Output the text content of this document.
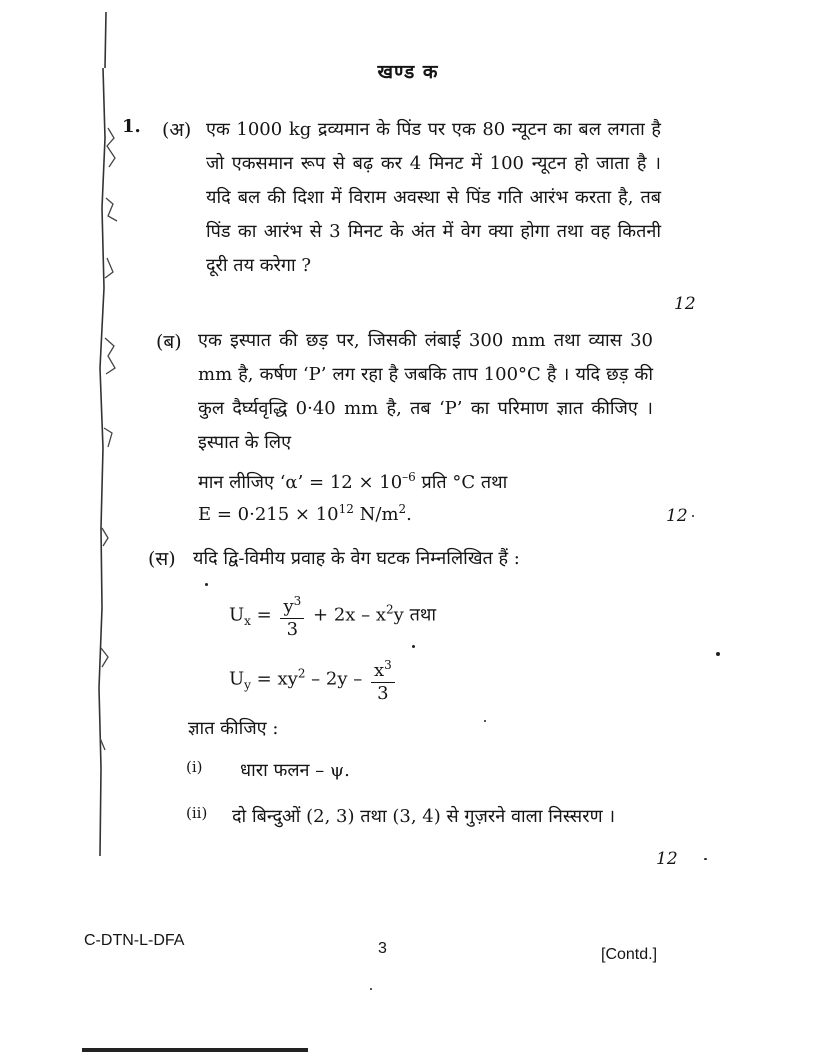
खण्ड क
1. (अ) एक 1000 kg द्रव्यमान के पिंड पर एक 80 न्यूटन का बल लगता है जो एकसमान रूप से बढ़ कर 4 मिनट में 100 न्यूटन हो जाता है । यदि बल की दिशा में विराम अवस्था से पिंड गति आरंभ करता है, तब पिंड का आरंभ से 3 मिनट के अंत में वेग क्या होगा तथा वह कितनी दूरी तय करेगा ?
12
(ब) एक इस्पात की छड़ पर, जिसकी लंबाई 300 mm तथा व्यास 30 mm है, कर्षण ‘P’ लग रहा है जबकि ताप 100°C है । यदि छड़ की कुल दैर्घ्यवृद्धि 0·40 mm है, तब ‘P’ का परिमाण ज्ञात कीजिए । इस्पात के लिए
मान लीजिए ‘α’ = $12 \times 10^{-6}$ प्रति °C तथा
$E = 0\cdot 215 \times 10^{12}$ $N/m^2$.	12
(स) यदि द्वि-विमीय प्रवाह के वेग घटक निम्नलिखित हैं :
$U_x = \frac{y^3}{3} + 2x - x^2y$ तथा
$U_y = xy^2 - 2y - \frac{x^3}{3}$
ज्ञात कीजिए :
(i) धारा फलन – ψ.
(ii) दो बिन्दुओं (2, 3) तथा (3, 4) से गुज़रने वाला निस्सरण ।
12
C-DTN-L-DFA	3	[Contd.]
